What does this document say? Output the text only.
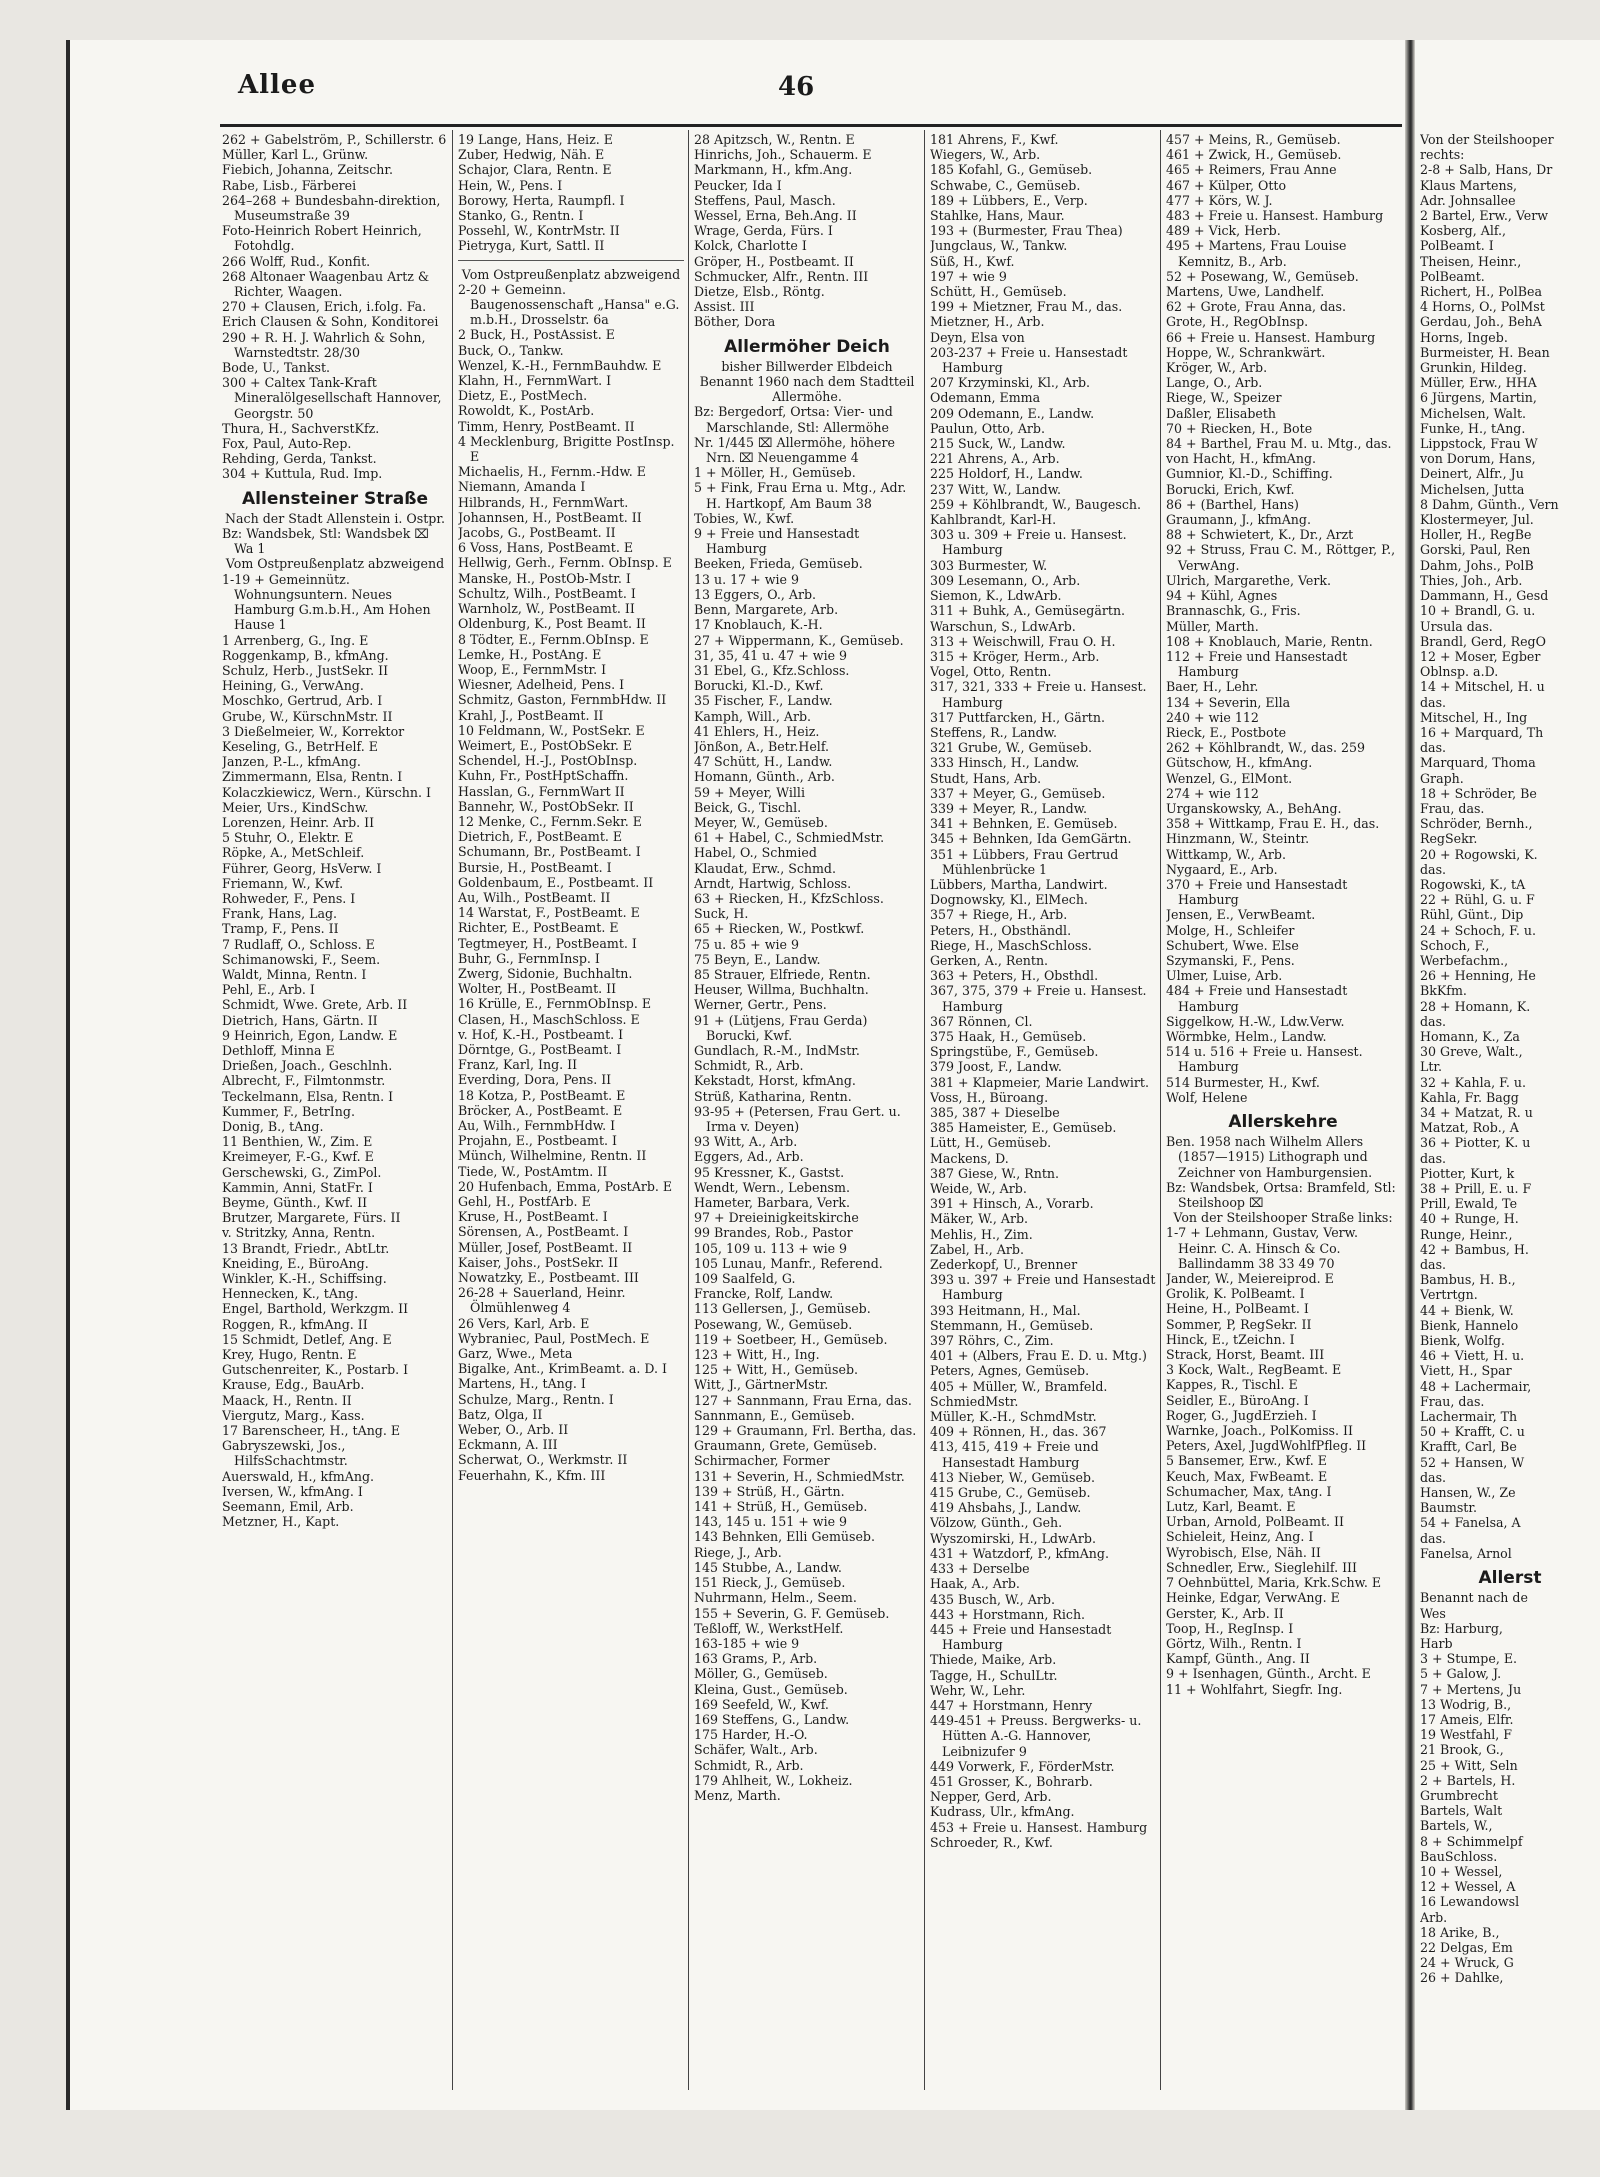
Allee	46

262 + Gabelström, P., Schillerstr. 6

Müller, Karl L., Grünw.

Fiebich, Johanna, Zeitschr.

Rabe, Lisb., Färberei

264–268 + Bundesbahn-direktion, Museumstraße 39

Foto-Heinrich Robert Heinrich, Fotohdlg.

266 Wolff, Rud., Konfit.

268 Altonaer Waagenbau Artz & Richter, Waagen.

270 + Clausen, Erich, i.folg. Fa.

Erich Clausen & Sohn, Konditorei

290 + R. H. J. Wahrlich & Sohn, Warnstedtstr. 28/30

Bode, U., Tankst.

300 + Caltex Tank-Kraft Mineralölgesellschaft Hannover, Georgstr. 50

Thura, H., SachverstKfz.

Fox, Paul, Auto-Rep.

Rehding, Gerda, Tankst.

304 + Kuttula, Rud. Imp.

Allensteiner Straße

Nach der Stadt Allenstein i. Ostpr.

Bz: Wandsbek, Stl: Wandsbek ⌧ Wa 1

Vom Ostpreußenplatz abzweigend

1-19 + Gemeinnütz. Wohnungsuntern. Neues Hamburg G.m.b.H., Am Hohen Hause 1

1 Arrenberg, G., Ing. E

Roggenkamp, B., kfmAng.

Schulz, Herb., JustSekr. II

Heining, G., VerwAng.

Moschko, Gertrud, Arb. I

Grube, W., KürschnMstr. II

3 Dießelmeier, W., Korrektor

Keseling, G., BetrHelf. E

Janzen, P.-L., kfmAng.

Zimmermann, Elsa, Rentn. I

Kolaczkiewicz, Wern., Kürschn. I

Meier, Urs., KindSchw.

Lorenzen, Heinr. Arb. II

5 Stuhr, O., Elektr. E

Röpke, A., MetSchleif.

Führer, Georg, HsVerw. I

Friemann, W., Kwf.

Rohweder, F., Pens. I

Frank, Hans, Lag.

Tramp, F., Pens. II

7 Rudlaff, O., Schloss. E

Schimanowski, F., Seem.

Waldt, Minna, Rentn. I

Pehl, E., Arb. I

Schmidt, Wwe. Grete, Arb. II

Dietrich, Hans, Gärtn. II

9 Heinrich, Egon, Landw. E

Dethloff, Minna E

Drießen, Joach., Geschlnh.

Albrecht, F., Filmtonmstr.

Teckelmann, Elsa, Rentn. I

Kummer, F., BetrIng.

Donig, B., tAng.

11 Benthien, W., Zim. E

Kreimeyer, F.-G., Kwf. E

Gerschewski, G., ZimPol.

Kammin, Anni, StatFr. I

Beyme, Günth., Kwf. II

Brutzer, Margarete, Fürs. II

v. Stritzky, Anna, Rentn.

13 Brandt, Friedr., AbtLtr.

Kneiding, E., BüroAng.

Winkler, K.-H., Schiffsing.

Hennecken, K., tAng.

Engel, Barthold, Werkzgm. II

Roggen, R., kfmAng. II

15 Schmidt, Detlef, Ang. E

Krey, Hugo, Rentn. E

Gutschenreiter, K., Postarb. I

Krause, Edg., BauArb.

Maack, H., Rentn. II

Viergutz, Marg., Kass.

17 Barenscheer, H., tAng. E

Gabryszewski, Jos., HilfsSchachtmstr.

Auerswald, H., kfmAng.

Iversen, W., kfmAng. I

Seemann, Emil, Arb.

Metzner, H., Kapt.

19 Lange, Hans, Heiz. E

Zuber, Hedwig, Näh. E

Schajor, Clara, Rentn. E

Hein, W., Pens. I

Borowy, Herta, Raumpfl. I

Stanko, G., Rentn. I

Possehl, W., KontrMstr. II

Pietryga, Kurt, Sattl. II

Vom Ostpreußenplatz abzweigend

2-20 + Gemeinn. Baugenossenschaft „Hansa" e.G. m.b.H., Drosselstr. 6a

2 Buck, H., PostAssist. E

Buck, O., Tankw.

Wenzel, K.-H., FernmBauhdw. E

Klahn, H., FernmWart. I

Dietz, E., PostMech.

Rowoldt, K., PostArb.

Timm, Henry, PostBeamt. II

4 Mecklenburg, Brigitte PostInsp. E

Michaelis, H., Fernm.-Hdw. E

Niemann, Amanda I

Hilbrands, H., FernmWart.

Johannsen, H., PostBeamt. II

Jacobs, G., PostBeamt. II

6 Voss, Hans, PostBeamt. E

Hellwig, Gerh., Fernm. ObInsp. E

Manske, H., PostOb-Mstr. I

Schultz, Wilh., PostBeamt. I

Warnholz, W., PostBeamt. II

Oldenburg, K., Post Beamt. II

8 Tödter, E., Fernm.ObInsp. E

Lemke, H., PostAng. E

Woop, E., FernmMstr. I

Wiesner, Adelheid, Pens. I

Schmitz, Gaston, FernmbHdw. II

Krahl, J., PostBeamt. II

10 Feldmann, W., PostSekr. E

Weimert, E., PostObSekr. E

Schendel, H.-J., PostObInsp.

Kuhn, Fr., PostHptSchaffn.

Hasslan, G., FernmWart II

Bannehr, W., PostObSekr. II

12 Menke, C., Fernm.Sekr. E

Dietrich, F., PostBeamt. E

Schumann, Br., PostBeamt. I

Bursie, H., PostBeamt. I

Goldenbaum, E., Postbeamt. II

Au, Wilh., PostBeamt. II

14 Warstat, F., PostBeamt. E

Richter, E., PostBeamt. E

Tegtmeyer, H., PostBeamt. I

Buhr, G., FernmInsp. I

Zwerg, Sidonie, Buchhaltn.

Wolter, H., PostBeamt. II

16 Krülle, E., FernmObInsp. E

Clasen, H., MaschSchloss. E

v. Hof, K.-H., Postbeamt. I

Dörntge, G., PostBeamt. I

Franz, Karl, Ing. II

Everding, Dora, Pens. II

18 Kotza, P., PostBeamt. E

Bröcker, A., PostBeamt. E

Au, Wilh., FernmbHdw. I

Projahn, E., Postbeamt. I

Münch, Wilhelmine, Rentn. II

Tiede, W., PostAmtm. II

20 Hufenbach, Emma, PostArb. E

Gehl, H., PostfArb. E

Kruse, H., PostBeamt. I

Sörensen, A., PostBeamt. I

Müller, Josef, PostBeamt. II

Kaiser, Johs., PostSekr. II

Nowatzky, E., Postbeamt. III

26-28 + Sauerland, Heinr. Ölmühlenweg 4

26 Vers, Karl, Arb. E

Wybraniec, Paul, PostMech. E

Garz, Wwe., Meta

Bigalke, Ant., KrimBeamt. a. D. I

Martens, H., tAng. I

Schulze, Marg., Rentn. I

Batz, Olga, II

Weber, O., Arb. II

Eckmann, A. III

Scherwat, O., Werkmstr. II

Feuerhahn, K., Kfm. III

28 Apitzsch, W., Rentn. E

Hinrichs, Joh., Schauerm. E

Markmann, H., kfm.Ang.

Peucker, Ida I

Steffens, Paul, Masch.

Wessel, Erna, Beh.Ang. II

Wrage, Gerda, Fürs. I

Kolck, Charlotte I

Gröper, H., Postbeamt. II

Schmucker, Alfr., Rentn. III

Dietze, Elsb., Röntg.

Assist. III

Böther, Dora

Allermöher Deich

bisher Billwerder Elbdeich

Benannt 1960 nach dem Stadtteil Allermöhe.

Bz: Bergedorf, Ortsa: Vier- und Marschlande, Stl: Allermöhe

Nr. 1/445 ⌧ Allermöhe, höhere Nrn. ⌧ Neuengamme 4

1 + Möller, H., Gemüseb.

5 + Fink, Frau Erna u. Mtg., Adr. H. Hartkopf, Am Baum 38

Tobies, W., Kwf.

9 + Freie und Hansestadt Hamburg

Beeken, Frieda, Gemüseb.

13 u. 17 + wie 9

13 Eggers, O., Arb.

Benn, Margarete, Arb.

17 Knoblauch, K.-H.

27 + Wippermann, K., Gemüseb.

31, 35, 41 u. 47 + wie 9

31 Ebel, G., Kfz.Schloss.

Borucki, Kl.-D., Kwf.

35 Fischer, F., Landw.

Kamph, Will., Arb.

41 Ehlers, H., Heiz.

Jönßon, A., Betr.Helf.

47 Schütt, H., Landw.

Homann, Günth., Arb.

59 + Meyer, Willi

Beick, G., Tischl.

Meyer, W., Gemüseb.

61 + Habel, C., SchmiedMstr.

Habel, O., Schmied

Klaudat, Erw., Schmd.

Arndt, Hartwig, Schloss.

63 + Riecken, H., KfzSchloss.

Suck, H.

65 + Riecken, W., Postkwf.

75 u. 85 + wie 9

75 Beyn, E., Landw.

85 Strauer, Elfriede, Rentn.

Heuser, Willma, Buchhaltn.

Werner, Gertr., Pens.

91 + (Lütjens, Frau Gerda) Borucki, Kwf.

Gundlach, R.-M., IndMstr.

Schmidt, R., Arb.

Kekstadt, Horst, kfmAng.

Strüß, Katharina, Rentn.

93-95 + (Petersen, Frau Gert. u. Irma v. Deyen)

93 Witt, A., Arb.

Eggers, Ad., Arb.

95 Kressner, K., Gastst.

Wendt, Wern., Lebensm.

Hameter, Barbara, Verk.

97 + Dreieinigkeitskirche

99 Brandes, Rob., Pastor

105, 109 u. 113 + wie 9

105 Lunau, Manfr., Referend.

109 Saalfeld, G.

Francke, Rolf, Landw.

113 Gellersen, J., Gemüseb.

Posewang, W., Gemüseb.

119 + Soetbeer, H., Gemüseb.

123 + Witt, H., Ing.

125 + Witt, H., Gemüseb.

Witt, J., GärtnerMstr.

127 + Sannmann, Frau Erna, das.

Sannmann, E., Gemüseb.

129 + Graumann, Frl. Bertha, das.

Graumann, Grete, Gemüseb.

Schirmacher, Former

131 + Severin, H., SchmiedMstr.

139 + Strüß, H., Gärtn.

141 + Strüß, H., Gemüseb.

143, 145 u. 151 + wie 9

143 Behnken, Elli Gemüseb.

Riege, J., Arb.

145 Stubbe, A., Landw.

151 Rieck, J., Gemüseb.

Nuhrmann, Helm., Seem.

155 + Severin, G. F. Gemüseb.

Teßloff, W., WerkstHelf.

163-185 + wie 9

163 Grams, P., Arb.

Möller, G., Gemüseb.

Kleina, Gust., Gemüseb.

169 Seefeld, W., Kwf.

169 Steffens, G., Landw.

175 Harder, H.-O.

Schäfer, Walt., Arb.

Schmidt, R., Arb.

179 Ahlheit, W., Lokheiz.

Menz, Marth.

181 Ahrens, F., Kwf.

Wiegers, W., Arb.

185 Kofahl, G., Gemüseb.

Schwabe, C., Gemüseb.

189 + Lübbers, E., Verp.

Stahlke, Hans, Maur.

193 + (Burmester, Frau Thea)

Jungclaus, W., Tankw.

Süß, H., Kwf.

197 + wie 9

Schütt, H., Gemüseb.

199 + Mietzner, Frau M., das.

Mietzner, H., Arb.

Deyn, Elsa von

203-237 + Freie u. Hansestadt Hamburg

207 Krzyminski, Kl., Arb.

Odemann, Emma

209 Odemann, E., Landw.

Paulun, Otto, Arb.

215 Suck, W., Landw.

221 Ahrens, A., Arb.

225 Holdorf, H., Landw.

237 Witt, W., Landw.

259 + Köhlbrandt, W., Baugesch.

Kahlbrandt, Karl-H.

303 u. 309 + Freie u. Hansest. Hamburg

303 Burmester, W.

309 Lesemann, O., Arb.

Siemon, K., LdwArb.

311 + Buhk, A., Gemüsegärtn.

Warschun, S., LdwArb.

313 + Weischwill, Frau O. H.

315 + Kröger, Herm., Arb.

Vogel, Otto, Rentn.

317, 321, 333 + Freie u. Hansest. Hamburg

317 Puttfarcken, H., Gärtn.

Steffens, R., Landw.

321 Grube, W., Gemüseb.

333 Hinsch, H., Landw.

Studt, Hans, Arb.

337 + Meyer, G., Gemüseb.

339 + Meyer, R., Landw.

341 + Behnken, E. Gemüseb.

345 + Behnken, Ida GemGärtn.

351 + Lübbers, Frau Gertrud Mühlenbrücke 1

Lübbers, Martha, Landwirt.

Dognowsky, Kl., ElMech.

357 + Riege, H., Arb.

Peters, H., Obsthändl.

Riege, H., MaschSchloss.

Gerken, A., Rentn.

363 + Peters, H., Obsthdl.

367, 375, 379 + Freie u. Hansest. Hamburg

367 Rönnen, Cl.

375 Haak, H., Gemüseb.

Springstübe, F., Gemüseb.

379 Joost, F., Landw.

381 + Klapmeier, Marie Landwirt.

Voss, H., Büroang.

385, 387 + Dieselbe

385 Hameister, E., Gemüseb.

Lütt, H., Gemüseb.

Mackens, D.

387 Giese, W., Rntn.

Weide, W., Arb.

391 + Hinsch, A., Vorarb.

Mäker, W., Arb.

Mehlis, H., Zim.

Zabel, H., Arb.

Zederkopf, U., Brenner

393 u. 397 + Freie und Hansestadt Hamburg

393 Heitmann, H., Mal.

Stemmann, H., Gemüseb.

397 Röhrs, C., Zim.

401 + (Albers, Frau E. D. u. Mtg.)

Peters, Agnes, Gemüseb.

405 + Müller, W., Bramfeld.

SchmiedMstr.

Müller, K.-H., SchmdMstr.

409 + Rönnen, H., das. 367

413, 415, 419 + Freie und Hansestadt Hamburg

413 Nieber, W., Gemüseb.

415 Grube, C., Gemüseb.

419 Ahsbahs, J., Landw.

Völzow, Günth., Geh.

Wyszomirski, H., LdwArb.

431 + Watzdorf, P., kfmAng.

433 + Derselbe

Haak, A., Arb.

435 Busch, W., Arb.

443 + Horstmann, Rich.

445 + Freie und Hansestadt Hamburg

Thiede, Maike, Arb.

Tagge, H., SchulLtr.

Wehr, W., Lehr.

447 + Horstmann, Henry

449-451 + Preuss. Bergwerks- u. Hütten A.-G. Hannover, Leibnizufer 9

449 Vorwerk, F., FörderMstr.

451 Grosser, K., Bohrarb.

Nepper, Gerd, Arb.

Kudrass, Ulr., kfmAng.

453 + Freie u. Hansest. Hamburg

Schroeder, R., Kwf.

457 + Meins, R., Gemüseb.

461 + Zwick, H., Gemüseb.

465 + Reimers, Frau Anne

467 + Külper, Otto

477 + Körs, W. J.

483 + Freie u. Hansest. Hamburg

489 + Vick, Herb.

495 + Martens, Frau Louise Kemnitz, B., Arb.

52 + Posewang, W., Gemüseb.

Martens, Uwe, Landhelf.

62 + Grote, Frau Anna, das.

Grote, H., RegObInsp.

66 + Freie u. Hansest. Hamburg

Hoppe, W., Schrankwärt.

Kröger, W., Arb.

Lange, O., Arb.

Riege, W., Speizer

Daßler, Elisabeth

70 + Riecken, H., Bote

84 + Barthel, Frau M. u. Mtg., das.

von Hacht, H., kfmAng.

Gumnior, Kl.-D., Schiffing.

Borucki, Erich, Kwf.

86 + (Barthel, Hans)

Graumann, J., kfmAng.

88 + Schwietert, K., Dr., Arzt

92 + Struss, Frau C. M., Röttger, P., VerwAng.

Ulrich, Margarethe, Verk.

94 + Kühl, Agnes

Brannaschk, G., Fris.

Müller, Marth.

108 + Knoblauch, Marie, Rentn.

112 + Freie und Hansestadt Hamburg

Baer, H., Lehr.

134 + Severin, Ella

240 + wie 112

Rieck, E., Postbote

262 + Köhlbrandt, W., das. 259

Gütschow, H., kfmAng.

Wenzel, G., ElMont.

274 + wie 112

Urganskowsky, A., BehAng.

358 + Wittkamp, Frau E. H., das.

Hinzmann, W., Steintr.

Wittkamp, W., Arb.

Nygaard, E., Arb.

370 + Freie und Hansestadt Hamburg

Jensen, E., VerwBeamt.

Molge, H., Schleifer

Schubert, Wwe. Else

Szymanski, F., Pens.

Ulmer, Luise, Arb.

484 + Freie und Hansestadt Hamburg

Siggelkow, H.-W., Ldw.Verw.

Wörmbke, Helm., Landw.

514 u. 516 + Freie u. Hansest. Hamburg

514 Burmester, H., Kwf.

Wolf, Helene

Allerskehre

Ben. 1958 nach Wilhelm Allers (1857—1915) Lithograph und Zeichner von Hamburgensien.

Bz: Wandsbek, Ortsa: Bramfeld, Stl: Steilshoop ⌧

Von der Steilshooper Straße links:

1-7 + Lehmann, Gustav, Verw. Heinr. C. A. Hinsch & Co. Ballindamm 38 33 49 70

Jander, W., Meiereiprod. E

Grolik, K. PolBeamt. I

Heine, H., PolBeamt. I

Sommer, P, RegSekr. II

Hinck, E., tZeichn. I

Strack, Horst, Beamt. III

3 Kock, Walt., RegBeamt. E

Kappes, R., Tischl. E

Seidler, E., BüroAng. I

Roger, G., JugdErzieh. I

Warnke, Joach., PolKomiss. II

Peters, Axel, JugdWohlfPfleg. II

5 Bansemer, Erw., Kwf. E

Keuch, Max, FwBeamt. E

Schumacher, Max, tAng. I

Lutz, Karl, Beamt. E

Urban, Arnold, PolBeamt. II

Schieleit, Heinz, Ang. I

Wyrobisch, Else, Näh. II

Schnedler, Erw., Sieglehilf. III

7 Oehnbüttel, Maria, Krk.Schw. E

Heinke, Edgar, VerwAng. E

Gerster, K., Arb. II

Toop, H., RegInsp. I

Görtz, Wilh., Rentn. I

Kampf, Günth., Ang. II

9 + Isenhagen, Günth., Archt. E

11 + Wohlfahrt, Siegfr. Ing.

Von der Steilshooper

rechts:

2-8 + Salb, Hans, Dr

Klaus Martens,

Adr. Johnsallee

2 Bartel, Erw., Verw

Kosberg, Alf.,

PolBeamt. I

Theisen, Heinr.,

PolBeamt.

Richert, H., PolBea

4 Horns, O., PolMst

Gerdau, Joh., BehA

Horns, Ingeb.

Burmeister, H. Bean

Grunkin, Hildeg.

Müller, Erw., HHA

6 Jürgens, Martin,

Michelsen, Walt.

Funke, H., tAng.

Lippstock, Frau W

von Dorum, Hans,

Deinert, Alfr., Ju

Michelsen, Jutta

8 Dahm, Günth., Vern

Klostermeyer, Jul.

Holler, H., RegBe

Gorski, Paul, Ren

Dahm, Johs., PolB

Thies, Joh., Arb.

Dammann, H., Gesd

10 + Brandl, G. u.

Ursula das.

Brandl, Gerd, RegO

12 + Moser, Egber

Oblnsp. a.D.

14 + Mitschel, H. u

das.

Mitschel, H., Ing

16 + Marquard, Th

das.

Marquard, Thoma

Graph.

18 + Schröder, Be

Frau, das.

Schröder, Bernh.,

RegSekr.

20 + Rogowski, K.

das.

Rogowski, K., tA

22 + Rühl, G. u. F

Rühl, Günt., Dip

24 + Schoch, F. u.

Schoch, F.,

Werbefachm.,

26 + Henning, He

BkKfm.

28 + Homann, K.

das.

Homann, K., Za

30 Greve, Walt.,

Ltr.

32 + Kahla, F. u.

Kahla, Fr. Bagg

34 + Matzat, R. u

Matzat, Rob., A

36 + Piotter, K. u

das.

Piotter, Kurt, k

38 + Prill, E. u. F

Prill, Ewald, Te

40 + Runge, H.

Runge, Heinr.,

42 + Bambus, H.

das.

Bambus, H. B.,

Vertrtgn.

44 + Bienk, W.

Bienk, Hannelo

Bienk, Wolfg.

46 + Viett, H. u.

Viett, H., Spar

48 + Lachermair,

Frau, das.

Lachermair, Th

50 + Krafft, C. u

Krafft, Carl, Be

52 + Hansen, W

das.

Hansen, W., Ze

Baumstr.

54 + Fanelsa, A

das.

Fanelsa, Arnol

Allerst

Benannt nach de

Wes

Bz: Harburg,

Harb

3 + Stumpe, E.

5 + Galow, J.

7 + Mertens, Ju

13 Wodrig, B.,

17 Ameis, Elfr.

19 Westfahl, F

21 Brook, G.,

25 + Witt, Seln

2 + Bartels, H.

Grumbrecht

Bartels, Walt

Bartels, W.,

8 + Schimmelpf

BauSchloss.

10 + Wessel,

12 + Wessel, A

16 Lewandowsl

Arb.

18 Arike, B.,

22 Delgas, Em

24 + Wruck, G

26 + Dahlke,
